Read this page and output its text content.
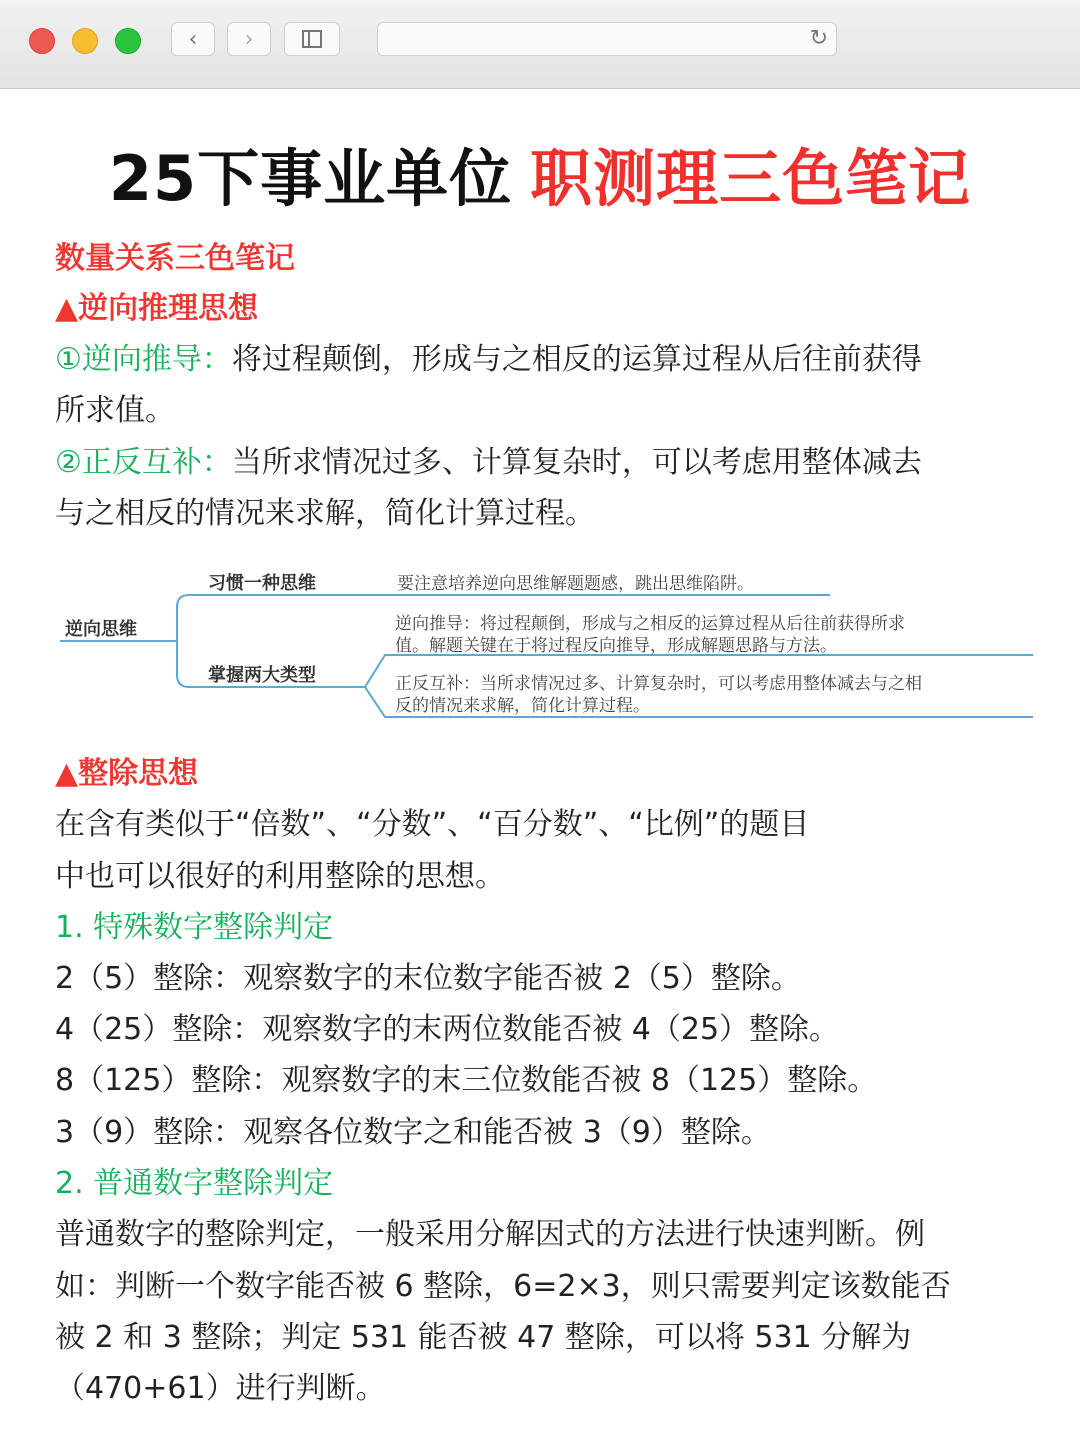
‹ ›	↻
25下事业单位 职测理三色笔记
数量关系三色笔记
▲逆向推理思想
①逆向推导：将过程颠倒，形成与之相反的运算过程从后往前获得
所求值。
②正反互补：当所求情况过多、计算复杂时，可以考虑用整体减去
与之相反的情况来求解，简化计算过程。
逆向思维
习惯一种思维	要注意培养逆向思维解题题感，跳出思维陷阱。
掌握两大类型
逆向推导：将过程颠倒，形成与之相反的运算过程从后往前获得所求
值。解题关键在于将过程反向推导，形成解题思路与方法。
正反互补：当所求情况过多、计算复杂时，可以考虑用整体减去与之相
反的情况来求解，简化计算过程。
▲整除思想
在含有类似于“倍数”、“分数”、“百分数”、“比例”的题目
中也可以很好的利用整除的思想。
1. 特殊数字整除判定
2（5）整除：观察数字的末位数字能否被 2（5）整除。
4（25）整除：观察数字的末两位数能否被 4（25）整除。
8（125）整除：观察数字的末三位数能否被 8（125）整除。
3（9）整除：观察各位数字之和能否被 3（9）整除。
2. 普通数字整除判定
普通数字的整除判定，一般采用分解因式的方法进行快速判断。例
如：判断一个数字能否被 6 整除，6=2×3，则只需要判定该数能否
被 2 和 3 整除；判定 531 能否被 47 整除，可以将 531 分解为
（470+61）进行判断。
